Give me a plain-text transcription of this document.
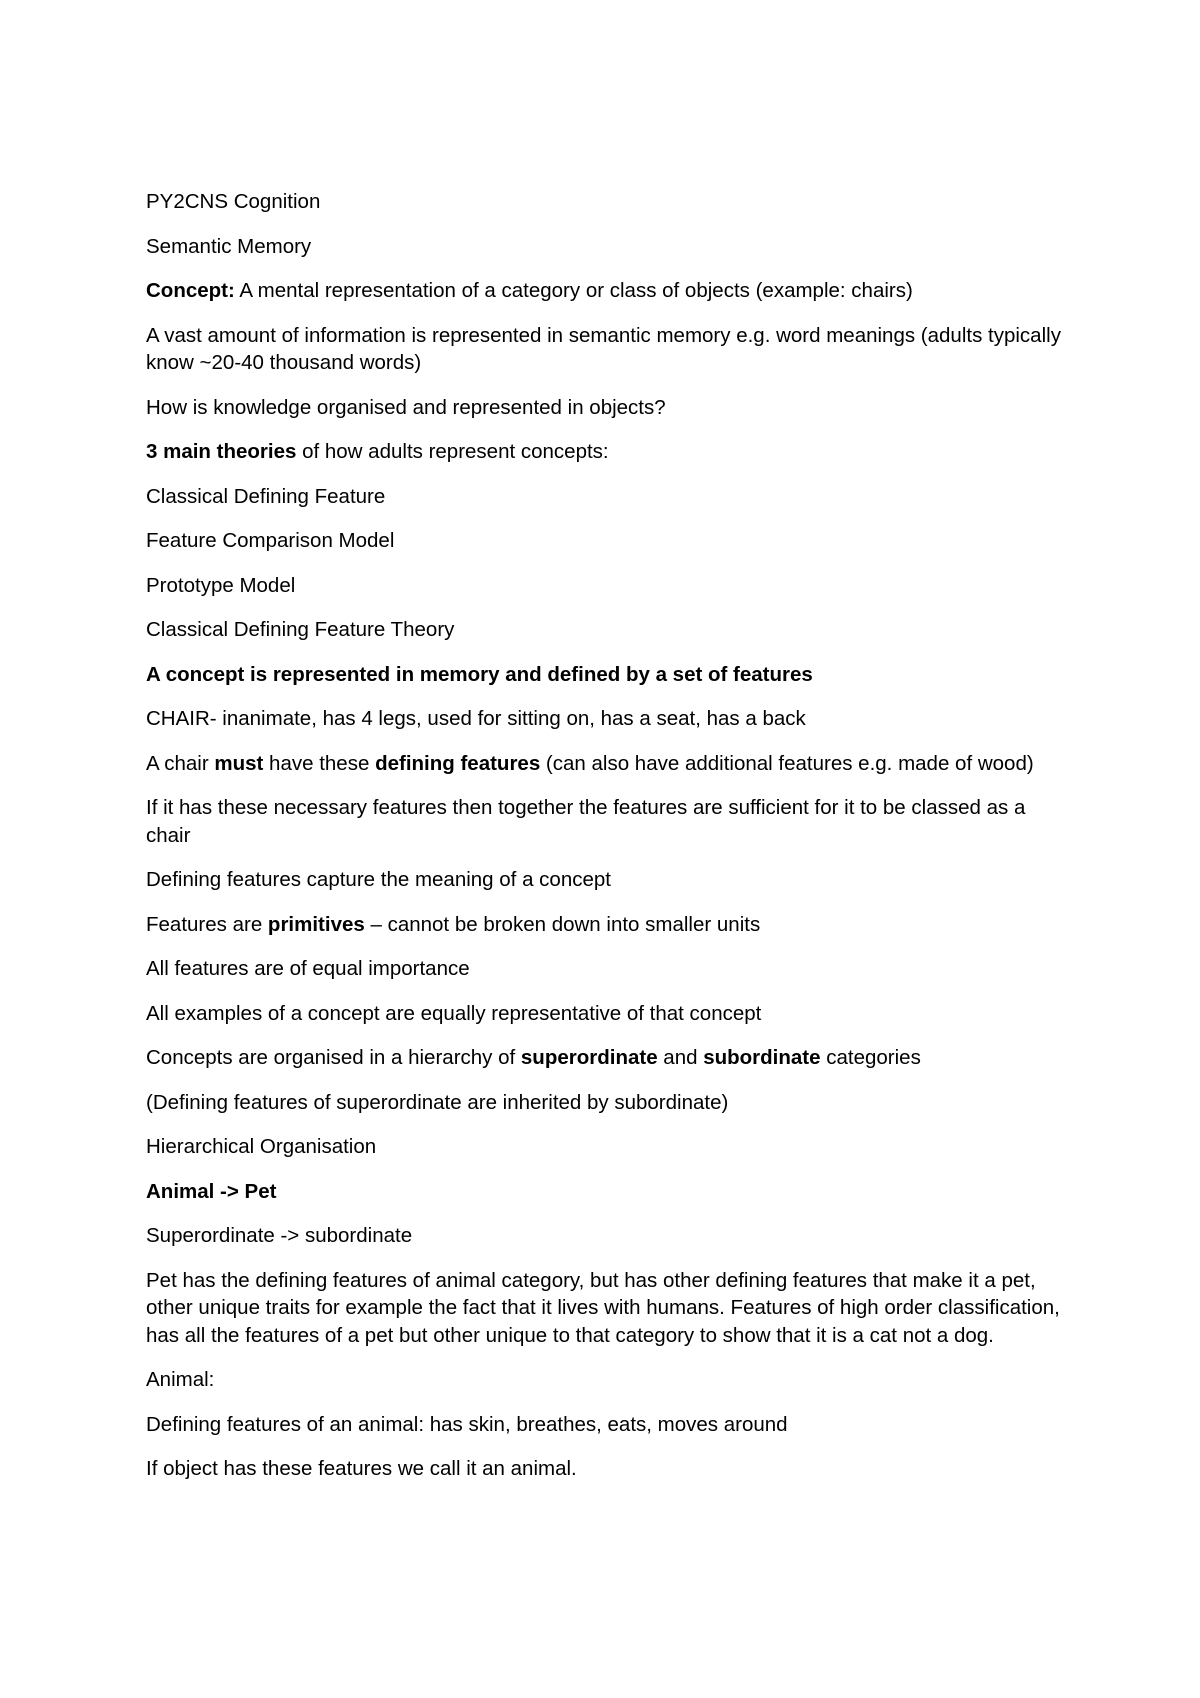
PY2CNS Cognition

Semantic Memory

Concept: A mental representation of a category or class of objects (example: chairs)

A vast amount of information is represented in semantic memory e.g. word meanings (adults typically know ~20-40 thousand words)

How is knowledge organised and represented in objects?

3 main theories of how adults represent concepts:

Classical Defining Feature

Feature Comparison Model

Prototype Model

Classical Defining Feature Theory

A concept is represented in memory and defined by a set of features

CHAIR- inanimate, has 4 legs, used for sitting on, has a seat, has a back

A chair must have these defining features (can also have additional features e.g. made of wood)

If it has these necessary features then together the features are sufficient for it to be classed as a chair

Defining features capture the meaning of a concept

Features are primitives – cannot be broken down into smaller units

All features are of equal importance

All examples of a concept are equally representative of that concept

Concepts are organised in a hierarchy of superordinate and subordinate categories

(Defining features of superordinate are inherited by subordinate)

Hierarchical Organisation

Animal -> Pet

Superordinate -> subordinate

Pet has the defining features of animal category, but has other defining features that make it a pet, other unique traits for example the fact that it lives with humans. Features of high order classification, has all the features of a pet but other unique to that category to show that it is a cat not a dog.

Animal:

Defining features of an animal: has skin, breathes, eats, moves around

If object has these features we call it an animal.
